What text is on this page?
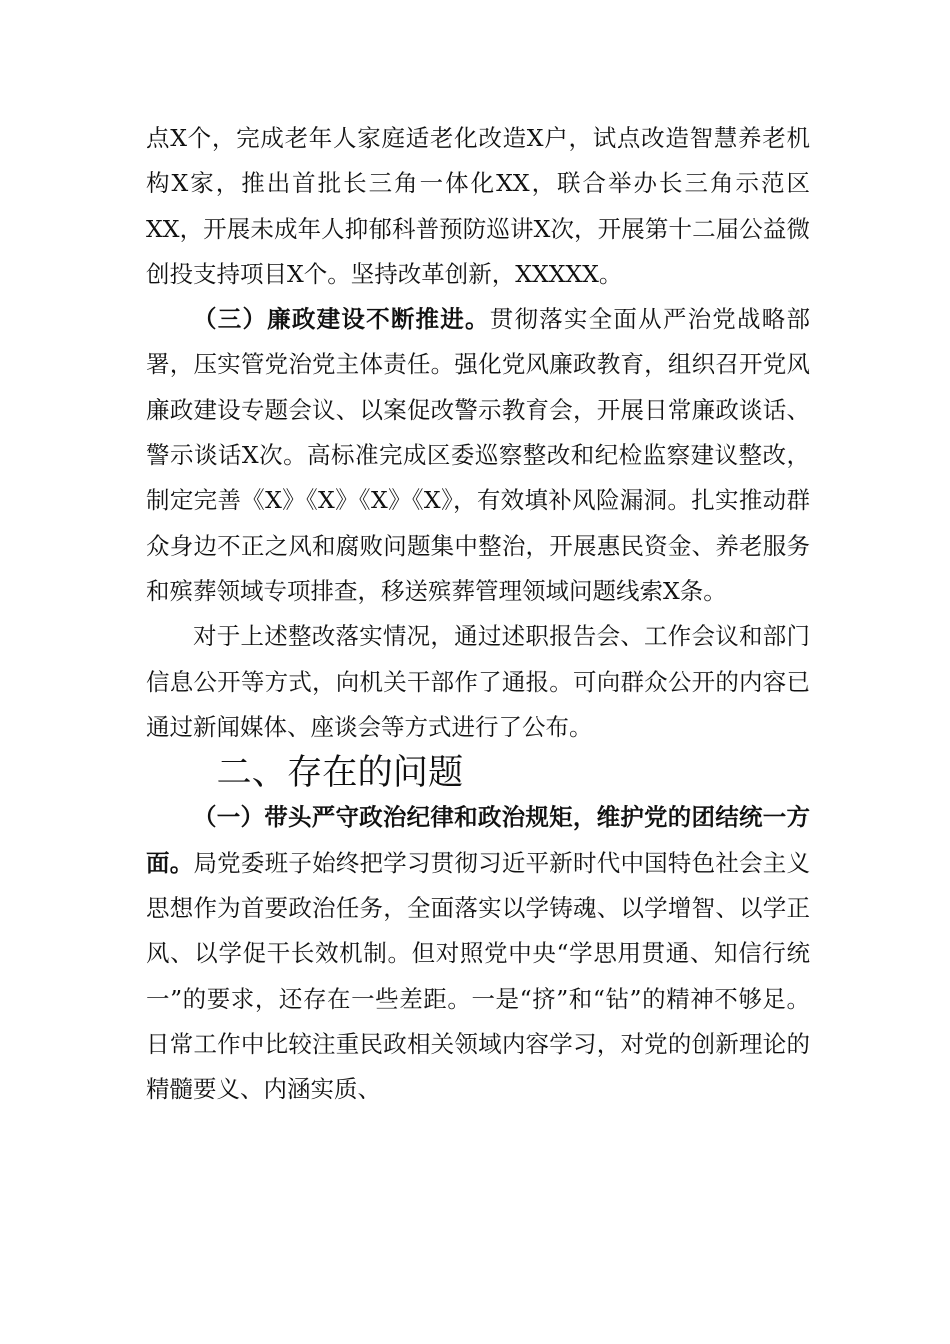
点X个，完成老年人家庭适老化改造X户，试点改造智慧养老机构X家，推出首批长三角一体化XX，联合举办长三角示范区XX，开展未成年人抑郁科普预防巡讲X次，开展第十二届公益微创投支持项目X个。坚持改革创新，XXXXX。

（三）廉政建设不断推进。贯彻落实全面从严治党战略部署，压实管党治党主体责任。强化党风廉政教育，组织召开党风廉政建设专题会议、以案促改警示教育会，开展日常廉政谈话、警示谈话X次。高标准完成区委巡察整改和纪检监察建议整改，制定完善《X》《X》《X》《X》，有效填补风险漏洞。扎实推动群众身边不正之风和腐败问题集中整治，开展惠民资金、养老服务和殡葬领域专项排查，移送殡葬管理领域问题线索X条。

对于上述整改落实情况，通过述职报告会、工作会议和部门信息公开等方式，向机关干部作了通报。可向群众公开的内容已通过新闻媒体、座谈会等方式进行了公布。

二、存在的问题

（一）带头严守政治纪律和政治规矩，维护党的团结统一方面。局党委班子始终把学习贯彻习近平新时代中国特色社会主义思想作为首要政治任务，全面落实以学铸魂、以学增智、以学正风、以学促干长效机制。但对照党中央“学思用贯通、知信行统一”的要求，还存在一些差距。一是“挤”和“钻”的精神不够足。日常工作中比较注重民政相关领域内容学习，对党的创新理论的精髓要义、内涵实质、
